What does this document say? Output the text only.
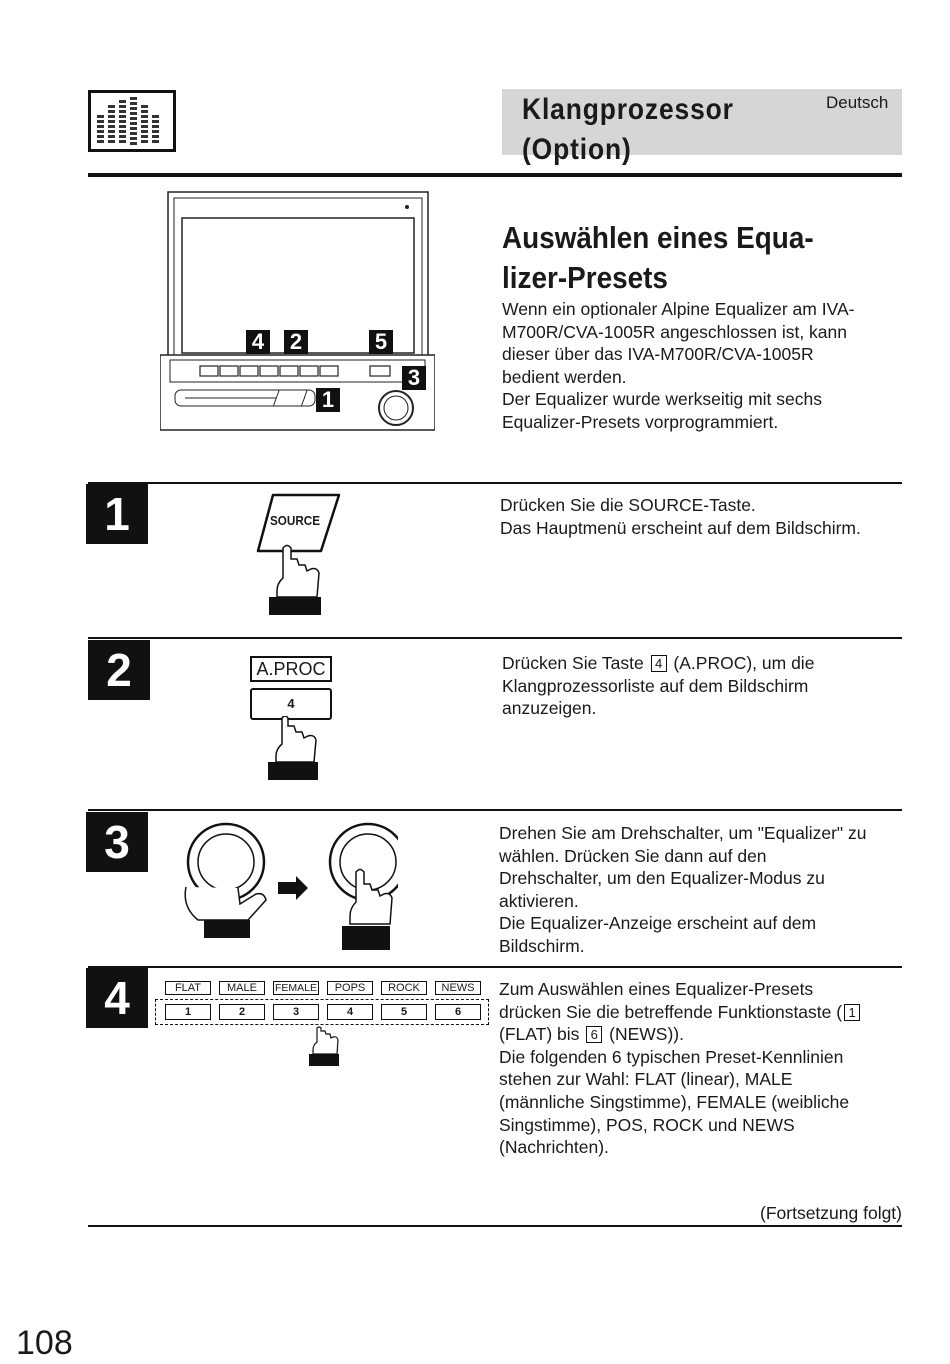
Klangprozessor
(Option)
Deutsch
4 2	5
3
1
Auswählen eines Equa-
lizer-Presets
Wenn ein optionaler Alpine Equalizer am IVA-
M700R/CVA-1005R angeschlossen ist, kann
dieser über das IVA-M700R/CVA-1005R
bedient werden.
Der Equalizer wurde werkseitig mit sechs
Equalizer-Presets vorprogrammiert.
1	SOURCE
Drücken Sie die SOURCE-Taste.
Das Hauptmenü erscheint auf dem Bildschirm.
2	A.PROC
4
Drücken Sie Taste 4 (A.PROC), um die
Klangprozessorliste auf dem Bildschirm
anzuzeigen.
3	Drehen Sie am Drehschalter, um "Equalizer" zu
wählen. Drücken Sie dann auf den
Drehschalter, um den Equalizer-Modus zu
aktivieren.
Die Equalizer-Anzeige erscheint auf dem
Bildschirm.
4	FLAT	MALE	FEMALE	POPS	ROCK	NEWS
1	2	3	4	5	6
Zum Auswählen eines Equalizer-Presets
drücken Sie die betreffende Funktionstaste ( 1
(FLAT) bis 6 (NEWS)).
Die folgenden 6 typischen Preset-Kennlinien
stehen zur Wahl: FLAT (linear), MALE
(männliche Singstimme), FEMALE (weibliche
Singstimme), POS, ROCK und NEWS
(Nachrichten).
(Fortsetzung folgt)
108
